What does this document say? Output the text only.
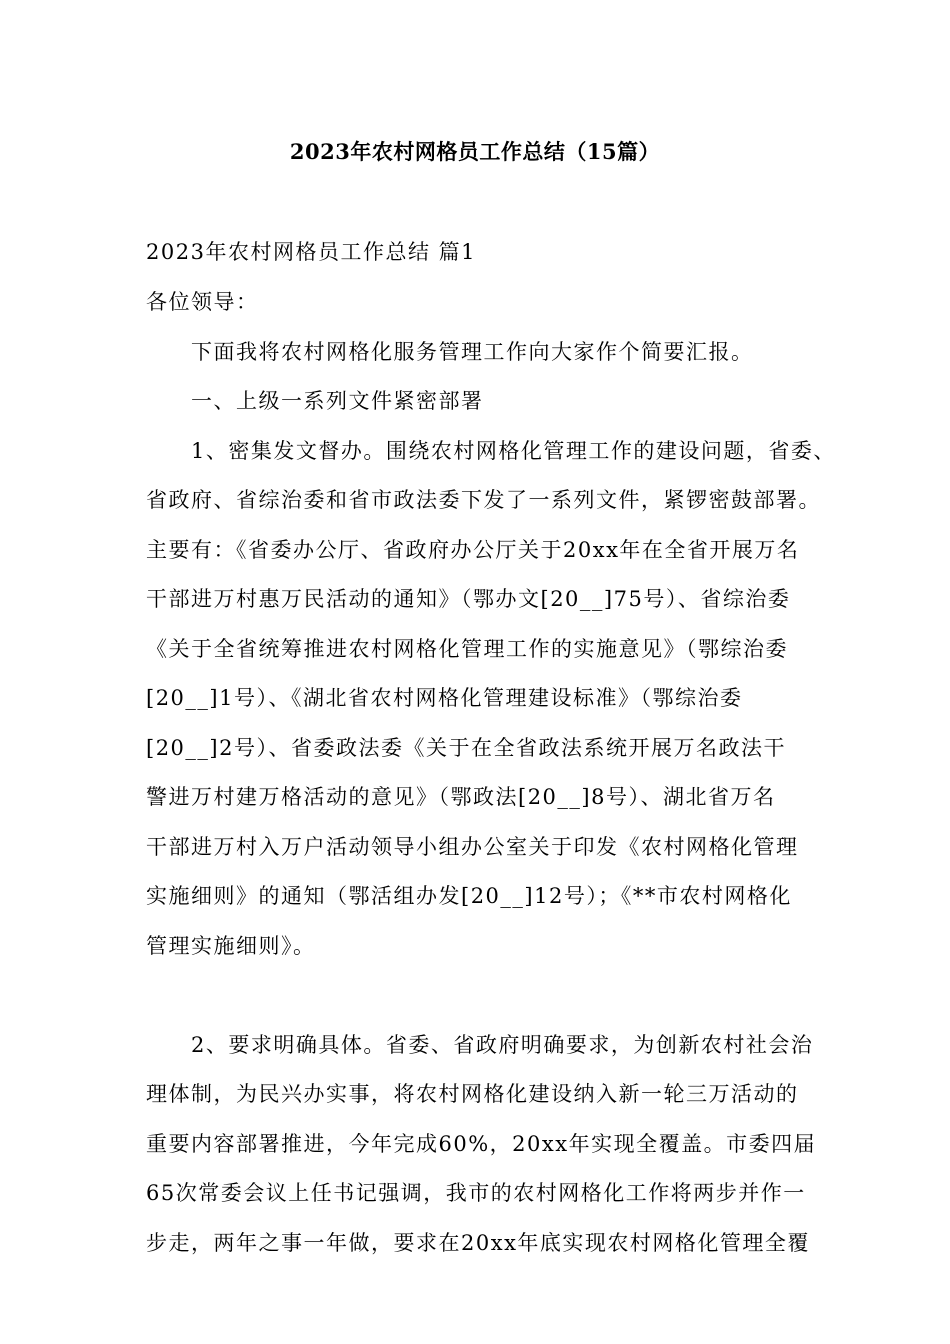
2023年农村网格员工作总结（15篇）
2023年农村网格员工作总结 篇1
各位领导：
　　下面我将农村网格化服务管理工作向大家作个简要汇报。
　　一、上级一系列文件紧密部署
　　1、密集发文督办。围绕农村网格化管理工作的建设问题，省委、
省政府、省综治委和省市政法委下发了一系列文件，紧锣密鼓部署。
主要有：《省委办公厅、省政府办公厅关于20xx年在全省开展万名
干部进万村惠万民活动的通知》（鄂办文[20__]75号）、省综治委
《关于全省统筹推进农村网格化管理工作的实施意见》（鄂综治委
[20__]1号）、《湖北省农村网格化管理建设标准》（鄂综治委
[20__]2号）、省委政法委《关于在全省政法系统开展万名政法干
警进万村建万格活动的意见》（鄂政法[20__]8号）、湖北省万名
干部进万村入万户活动领导小组办公室关于印发《农村网格化管理
实施细则》的通知（鄂活组办发[20__]12号）；《**市农村网格化
管理实施细则》。
　　2、要求明确具体。省委、省政府明确要求，为创新农村社会治
理体制，为民兴办实事，将农村网格化建设纳入新一轮三万活动的
重要内容部署推进，今年完成60%，20xx年实现全覆盖。市委四届
65次常委会议上任书记强调，我市的农村网格化工作将两步并作一
步走，两年之事一年做，要求在20xx年底实现农村网格化管理全覆
